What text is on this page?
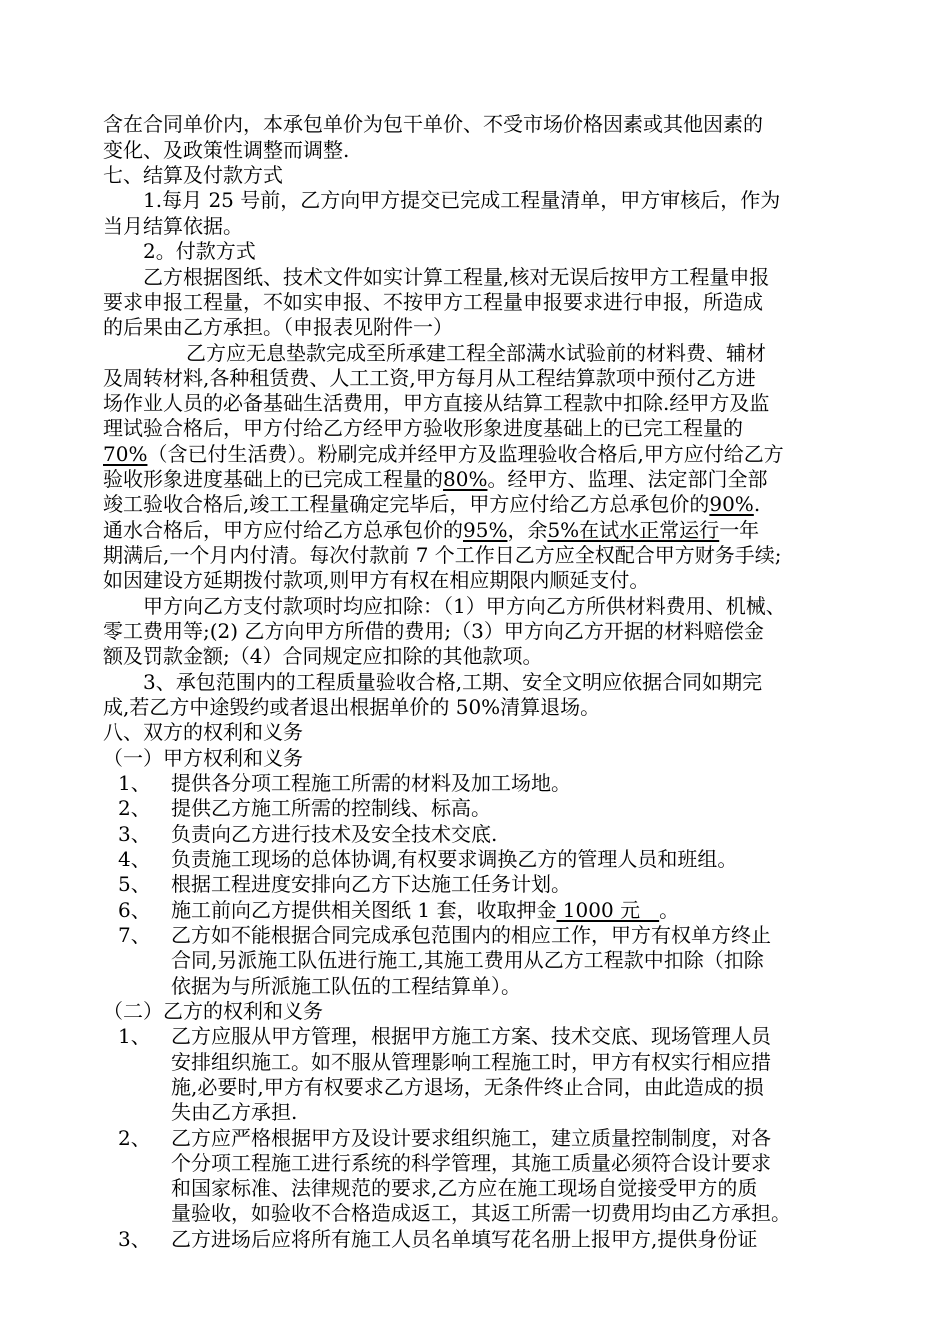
含在合同单价内，本承包单价为包干单价、不受市场价格因素或其他因素的
变化、及政策性调整而调整.
七、结算及付款方式
1.每月 25 号前，乙方向甲方提交已完成工程量清单，甲方审核后，作为
当月结算依据。
2。付款方式
乙方根据图纸、技术文件如实计算工程量,核对无误后按甲方工程量申报
要求申报工程量，不如实申报、不按甲方工程量申报要求进行申报，所造成
的后果由乙方承担。（申报表见附件一）
乙方应无息垫款完成至所承建工程全部满水试验前的材料费、辅材
及周转材料,各种租赁费、人工工资,甲方每月从工程结算款项中预付乙方进
场作业人员的必备基础生活费用，甲方直接从结算工程款中扣除.经甲方及监
理试验合格后，甲方付给乙方经甲方验收形象进度基础上的已完工程量的
70%（含已付生活费）。粉刷完成并经甲方及监理验收合格后,甲方应付给乙方
验收形象进度基础上的已完成工程量的80%。经甲方、监理、法定部门全部
竣工验收合格后,竣工工程量确定完毕后，甲方应付给乙方总承包价的90%.
通水合格后，甲方应付给乙方总承包价的95%，余5%在试水正常运行一年
期满后,一个月内付清。每次付款前 7 个工作日乙方应全权配合甲方财务手续;
如因建设方延期拨付款项,则甲方有权在相应期限内顺延支付。
甲方向乙方支付款项时均应扣除：（1）甲方向乙方所供材料费用、机械、
零工费用等;(2) 乙方向甲方所借的费用;（3）甲方向乙方开据的材料赔偿金
额及罚款金额;（4）合同规定应扣除的其他款项。
3、承包范围内的工程质量验收合格,工期、安全文明应依据合同如期完
成,若乙方中途毁约或者退出根据单价的 50%清算退场。
八、双方的权利和义务
（一）甲方权利和义务
1、 提供各分项工程施工所需的材料及加工场地。
2、 提供乙方施工所需的控制线、标高。
3、 负责向乙方进行技术及安全技术交底.
4、 负责施工现场的总体协调,有权要求调换乙方的管理人员和班组。
5、 根据工程进度安排向乙方下达施工任务计划。
6、 施工前向乙方提供相关图纸 1 套，收取押金 1000 元   。
7、 乙方如不能根据合同完成承包范围内的相应工作，甲方有权单方终止
合同,另派施工队伍进行施工,其施工费用从乙方工程款中扣除（扣除
依据为与所派施工队伍的工程结算单）。
（二）乙方的权利和义务
1、 乙方应服从甲方管理，根据甲方施工方案、技术交底、现场管理人员
安排组织施工。如不服从管理影响工程施工时，甲方有权实行相应措
施,必要时,甲方有权要求乙方退场，无条件终止合同，由此造成的损
失由乙方承担.
2、 乙方应严格根据甲方及设计要求组织施工，建立质量控制制度，对各
个分项工程施工进行系统的科学管理，其施工质量必须符合设计要求
和国家标准、法律规范的要求,乙方应在施工现场自觉接受甲方的质
量验收，如验收不合格造成返工，其返工所需一切费用均由乙方承担。
3、 乙方进场后应将所有施工人员名单填写花名册上报甲方,提供身份证
